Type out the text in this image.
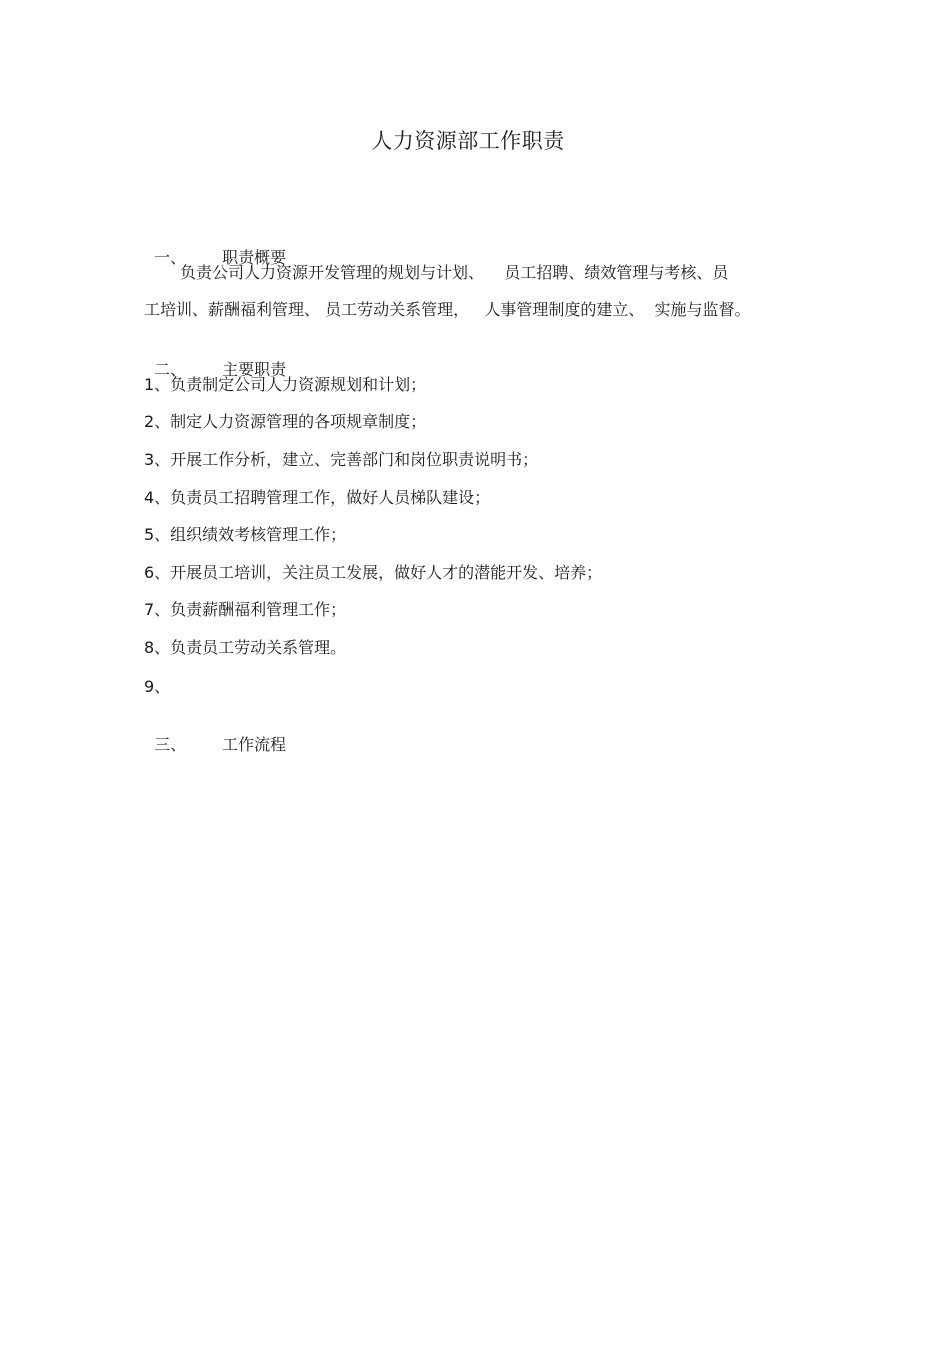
人力资源部工作职责

一、 职责概要

负责公司人力资源开发管理的规划与计划、    员工招聘、绩效管理与考核、员
工培训、薪酬福利管理、 员工劳动关系管理，   人事管理制度的建立、  实施与监督。

二、 主要职责

1、负责制定公司人力资源规划和计划；
2、制定人力资源管理的各项规章制度；
3、开展工作分析，建立、完善部门和岗位职责说明书；
4、负责员工招聘管理工作，做好人员梯队建设；
5、组织绩效考核管理工作；
6、开展员工培训，关注员工发展，做好人才的潜能开发、培养；
7、负责薪酬福利管理工作；
8、负责员工劳动关系管理。
9、

三、 工作流程
